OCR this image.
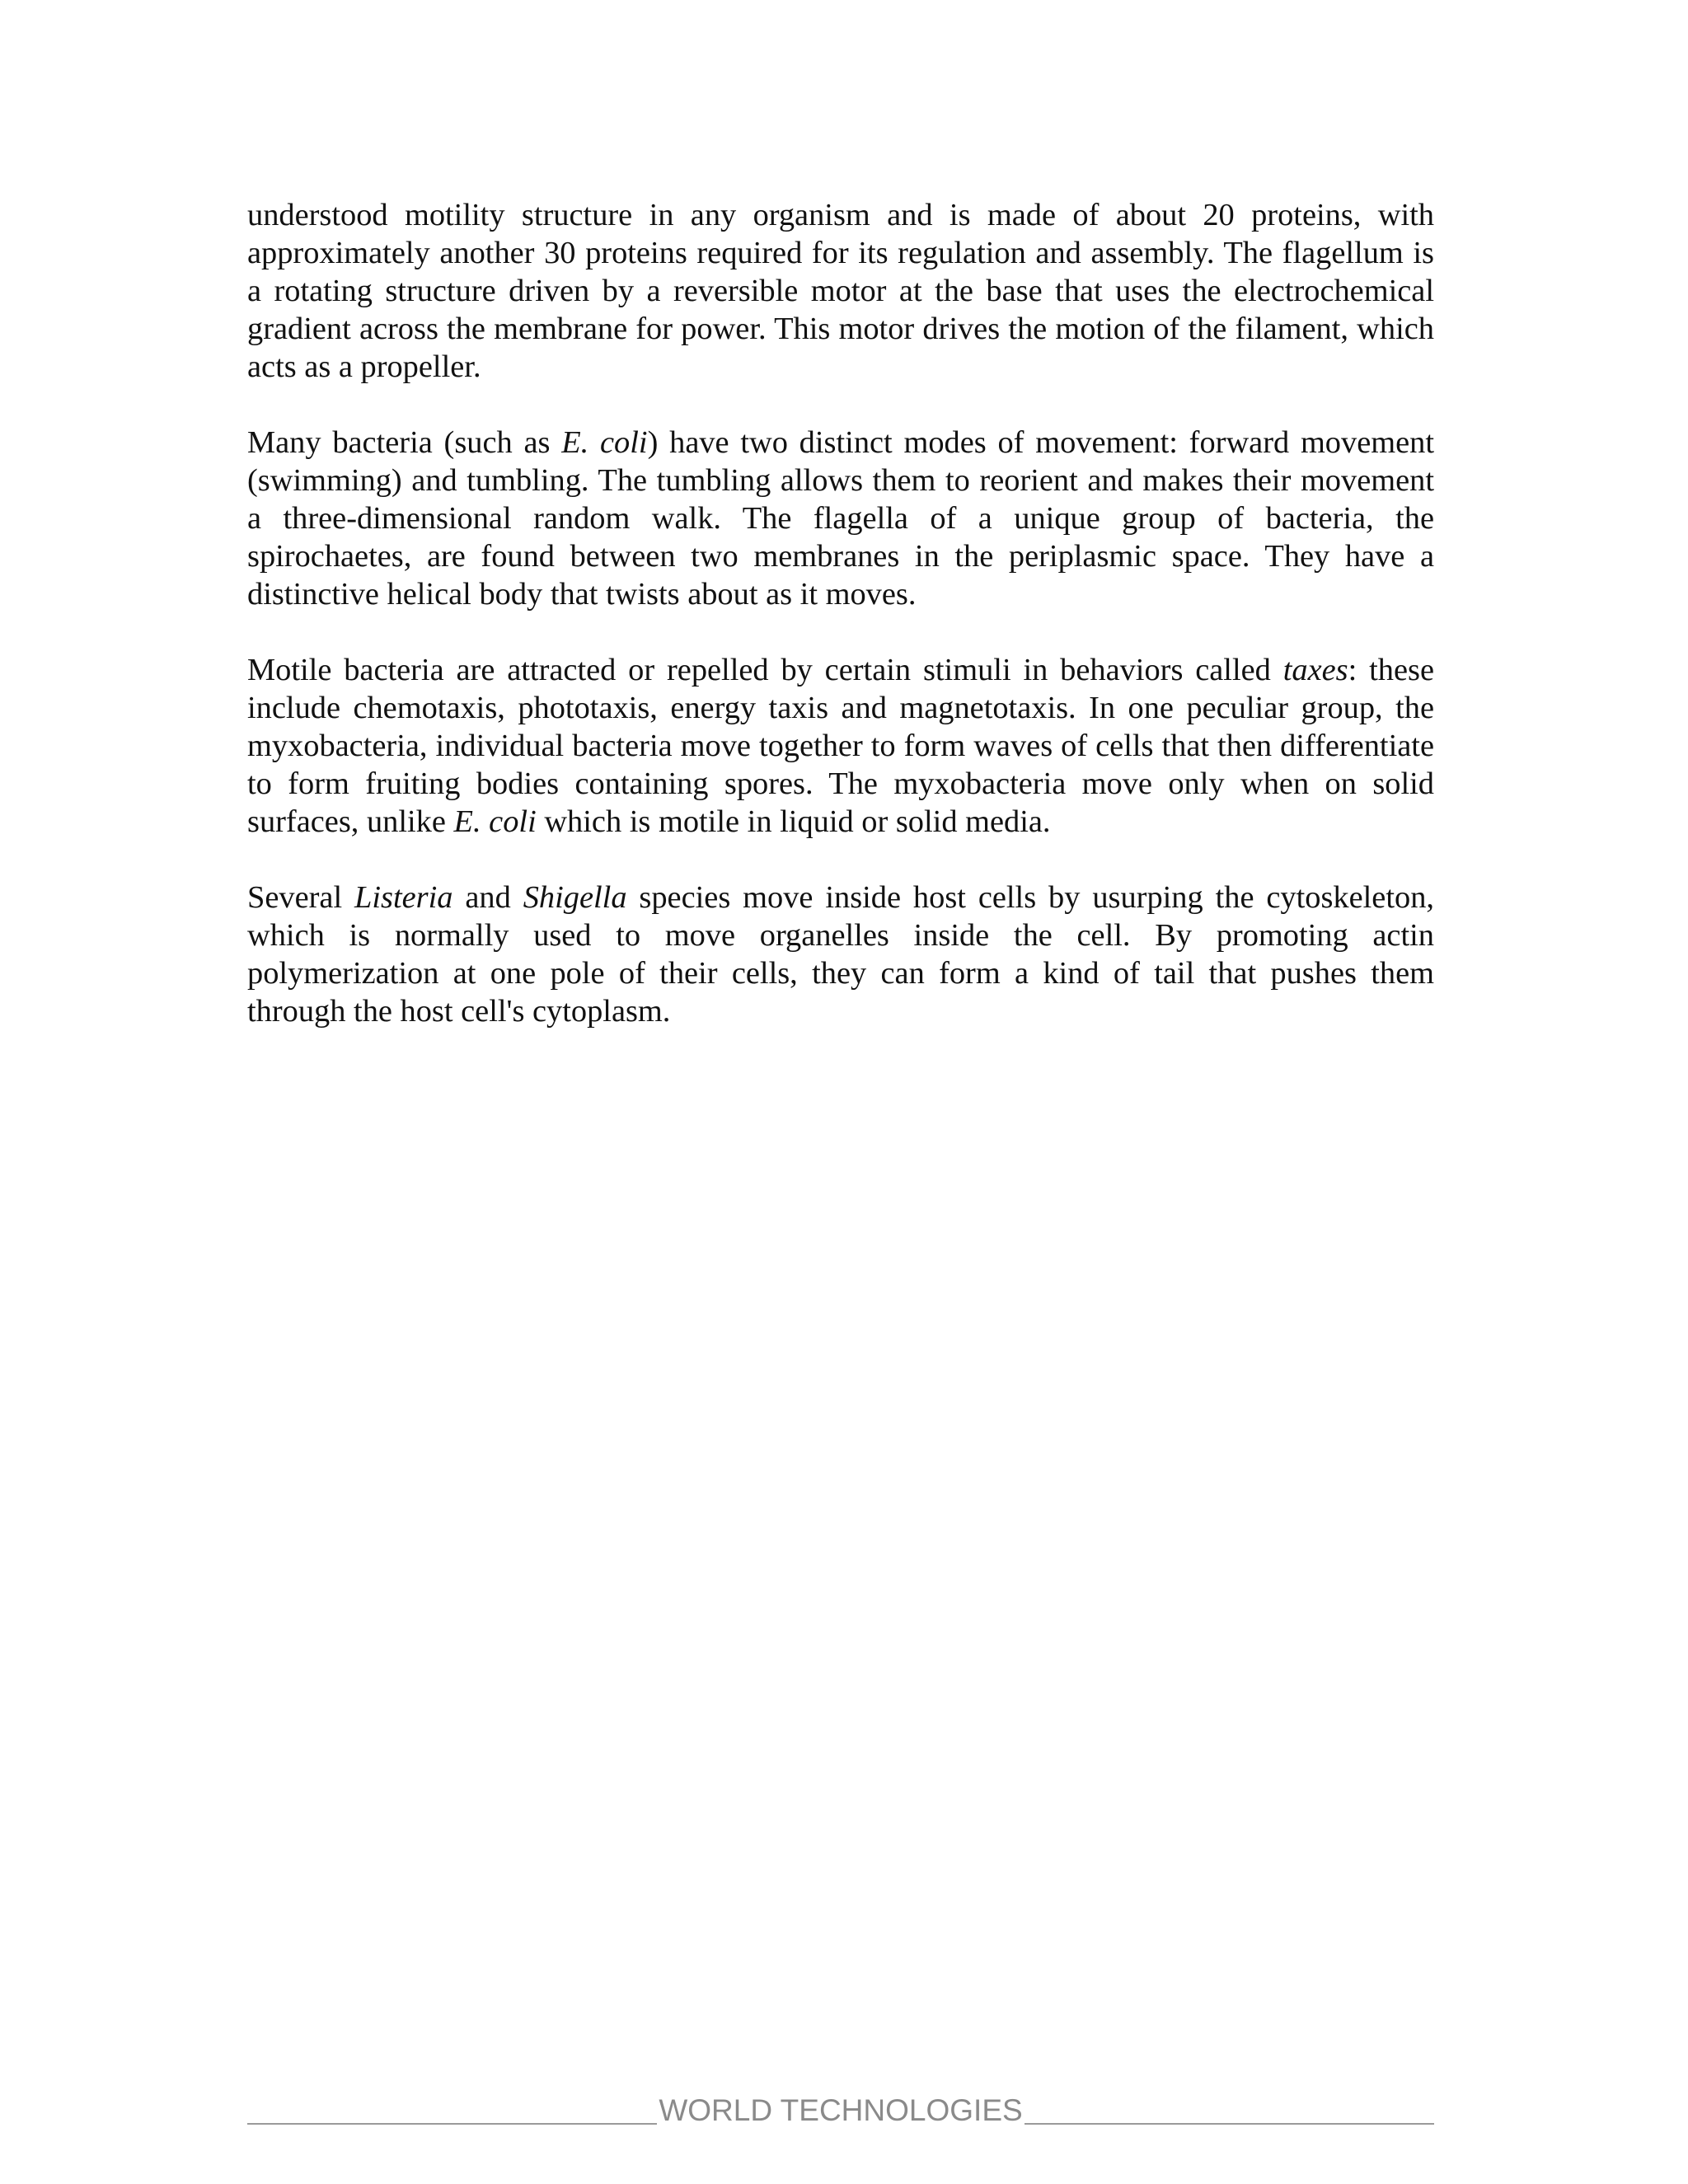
understood motility structure in any organism and is made of about 20 proteins, with approximately another 30 proteins required for its regulation and assembly. The flagellum is a rotating structure driven by a reversible motor at the base that uses the electrochemical gradient across the membrane for power. This motor drives the motion of the filament, which acts as a propeller.

Many bacteria (such as E. coli) have two distinct modes of movement: forward movement (swimming) and tumbling. The tumbling allows them to reorient and makes their movement a three-dimensional random walk. The flagella of a unique group of bacteria, the spirochaetes, are found between two membranes in the periplasmic space. They have a distinctive helical body that twists about as it moves.

Motile bacteria are attracted or repelled by certain stimuli in behaviors called taxes: these include chemotaxis, phototaxis, energy taxis and magnetotaxis. In one peculiar group, the myxobacteria, individual bacteria move together to form waves of cells that then differentiate to form fruiting bodies containing spores. The myxobacteria move only when on solid surfaces, unlike E. coli which is motile in liquid or solid media.

Several Listeria and Shigella species move inside host cells by usurping the cytoskeleton, which is normally used to move organelles inside the cell. By promoting actin polymerization at one pole of their cells, they can form a kind of tail that pushes them through the host cell's cytoplasm.

WORLD TECHNOLOGIES
